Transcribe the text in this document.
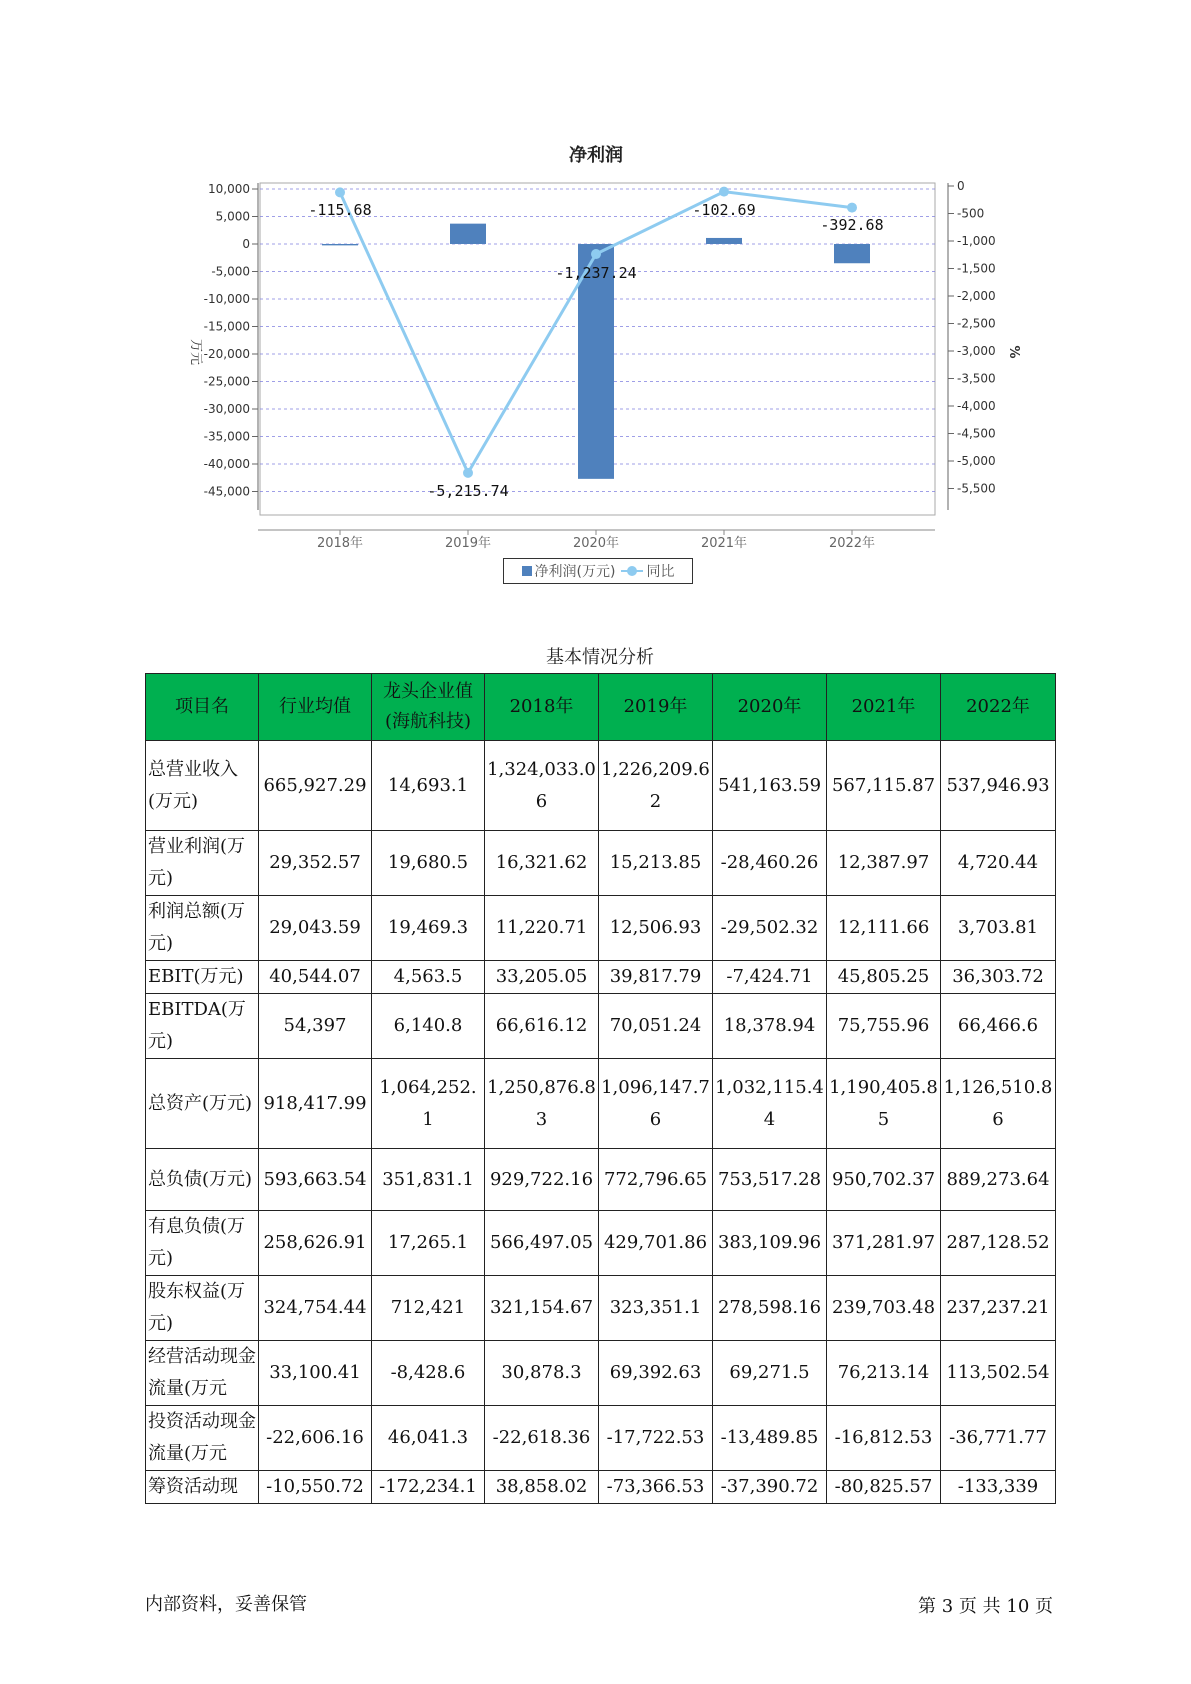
净利润
10,000
5,000
0
-5,000
-10,000
-15,000
-20,000
-25,000
-30,000
-35,000
-40,000
-45,000
0
-500
-1,000
-1,500
-2,000
-2,500
-3,000
-3,500
-4,000
-4,500
-5,000
-5,500
万元	%
2018年	2019年	2020年	2021年	2022年
-115.68
-5,215.74
-1,237.24
-102.69
-392.68
净利润(万元) 同比
基本情况分析
项目名	行业均值	龙头企业值(海航科技)	2018年	2019年	2020年	2021年	2022年
总营业收入(万元)	665,927.29	14,693.1	1,324,033.06	1,226,209.62	541,163.59	567,115.87	537,946.93
营业利润(万元)	29,352.57	19,680.5	16,321.62	15,213.85	-28,460.26	12,387.97	4,720.44
利润总额(万元)	29,043.59	19,469.3	11,220.71	12,506.93	-29,502.32	12,111.66	3,703.81
EBIT(万元)	40,544.07	4,563.5	33,205.05	39,817.79	-7,424.71	45,805.25	36,303.72
EBITDA(万元)	54,397	6,140.8	66,616.12	70,051.24	18,378.94	75,755.96	66,466.6
总资产(万元)	918,417.99	1,064,252.1	1,250,876.83	1,096,147.76	1,032,115.44	1,190,405.85	1,126,510.86
总负债(万元)	593,663.54	351,831.1	929,722.16	772,796.65	753,517.28	950,702.37	889,273.64
有息负债(万元)	258,626.91	17,265.1	566,497.05	429,701.86	383,109.96	371,281.97	287,128.52
股东权益(万元)	324,754.44	712,421	321,154.67	323,351.1	278,598.16	239,703.48	237,237.21
经营活动现金流量(万元	33,100.41	-8,428.6	30,878.3	69,392.63	69,271.5	76,213.14	113,502.54
投资活动现金流量(万元	-22,606.16	46,041.3	-22,618.36	-17,722.53	-13,489.85	-16,812.53	-36,771.77
筹资活动现	-10,550.72	-172,234.1	38,858.02	-73,366.53	-37,390.72	-80,825.57	-133,339
内部资料，妥善保管	第 3 页 共 10 页
